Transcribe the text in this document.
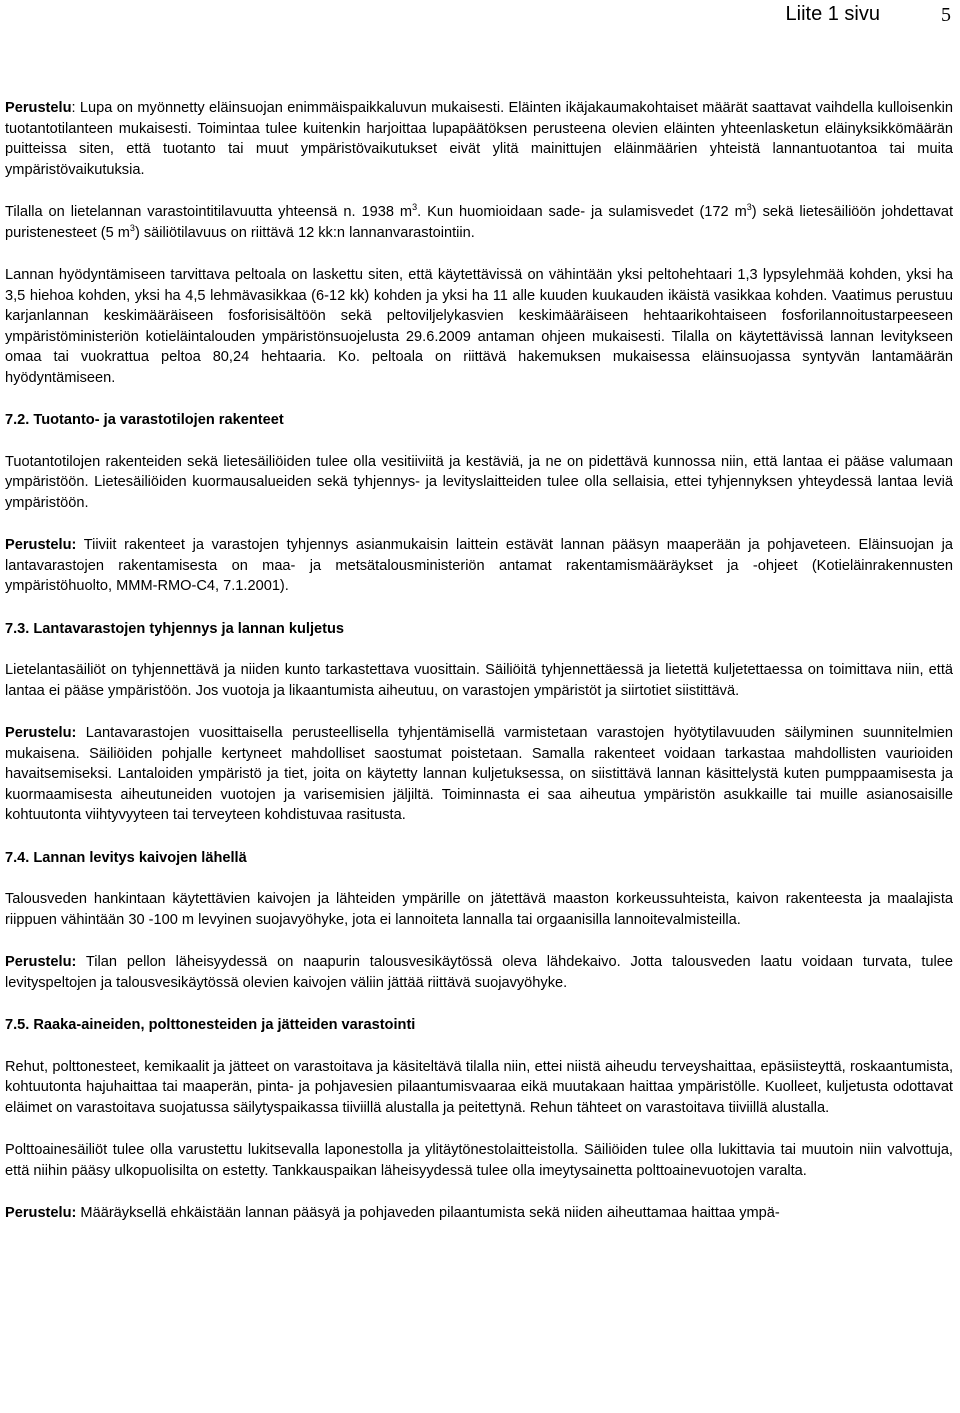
Liite 1 sivu	5

Perustelu: Lupa on myönnetty eläinsuojan enimmäispaikkaluvun mukaisesti. Eläinten ikäjakaumakohtaiset määrät saattavat vaihdella kulloisenkin tuotantotilanteen mukaisesti. Toimintaa tulee kuitenkin harjoittaa lupapäätöksen perusteena olevien eläinten yhteenlasketun eläinyksikkömäärän puitteissa siten, että tuotanto tai muut ympäristövaikutukset eivät ylitä mainittujen eläinmäärien yhteistä lannantuotantoa tai muita ympäristövaikutuksia.

Tilalla on lietelannan varastointitilavuutta yhteensä n. 1938 $m^3$. Kun huomioidaan sade- ja sulamisvedet (172 $m^3$) sekä lietesäiliöön johdettavat puristenesteet (5 $m^3$) säiliötilavuus on riittävä 12 kk:n lannanvarastointiin.

Lannan hyödyntämiseen tarvittava peltoala on laskettu siten, että käytettävissä on vähintään yksi peltohehtaari 1,3 lypsylehmää kohden, yksi ha 3,5 hiehoa kohden, yksi ha 4,5 lehmävasikkaa (6-12 kk) kohden ja yksi ha 11 alle kuuden kuukauden ikäistä vasikkaa kohden. Vaatimus perustuu karjanlannan keskimääräiseen fosforisisältöön sekä peltoviljelykasvien keskimääräiseen hehtaarikohtaiseen fosforilannoitustarpeeseen ympäristöministeriön kotieläintalouden ympäristönsuojelusta 29.6.2009 antaman ohjeen mukaisesti. Tilalla on käytettävissä lannan levitykseen omaa tai vuokrattua peltoa 80,24 hehtaaria. Ko. peltoala on riittävä hakemuksen mukaisessa eläinsuojassa syntyvän lantamäärän hyödyntämiseen.

7.2. Tuotanto- ja varastotilojen rakenteet

Tuotantotilojen rakenteiden sekä lietesäiliöiden tulee olla vesitiiviitä ja kestäviä, ja ne on pidettävä kunnossa niin, että lantaa ei pääse valumaan ympäristöön. Lietesäiliöiden kuormausalueiden sekä tyhjennys- ja levityslaitteiden tulee olla sellaisia, ettei tyhjennyksen yhteydessä lantaa leviä ympäristöön.

Perustelu: Tiiviit rakenteet ja varastojen tyhjennys asianmukaisin laittein estävät lannan pääsyn maaperään ja pohjaveteen. Eläinsuojan ja lantavarastojen rakentamisesta on maa- ja metsätalousministeriön antamat rakentamismääräykset ja -ohjeet (Kotieläinrakennusten ympäristöhuolto, MMM-RMO-C4, 7.1.2001).

7.3. Lantavarastojen tyhjennys ja lannan kuljetus

Lietelantasäiliöt on tyhjennettävä ja niiden kunto tarkastettava vuosittain. Säiliöitä tyhjennettäessä ja lietettä kuljetettaessa on toimittava niin, että lantaa ei pääse ympäristöön. Jos vuotoja ja likaantumista aiheutuu, on varastojen ympäristöt ja siirtotiet siistittävä.

Perustelu: Lantavarastojen vuosittaisella perusteellisella tyhjentämisellä varmistetaan varastojen hyötytilavuuden säilyminen suunnitelmien mukaisena. Säiliöiden pohjalle kertyneet mahdolliset saostumat poistetaan. Samalla rakenteet voidaan tarkastaa mahdollisten vaurioiden havaitsemiseksi. Lantaloiden ympäristö ja tiet, joita on käytetty lannan kuljetuksessa, on siistittävä lannan käsittelystä kuten pumppaamisesta ja kuormaamisesta aiheutuneiden vuotojen ja varisemisien jäljiltä. Toiminnasta ei saa aiheutua ympäristön asukkaille tai muille asianosaisille kohtuutonta viihtyvyyteen tai terveyteen kohdistuvaa rasitusta.

7.4. Lannan levitys kaivojen lähellä

Talousveden hankintaan käytettävien kaivojen ja lähteiden ympärille on jätettävä maaston korkeussuhteista, kaivon rakenteesta ja maalajista riippuen vähintään 30 -100 m levyinen suojavyöhyke, jota ei lannoiteta lannalla tai orgaanisilla lannoitevalmisteilla.

Perustelu: Tilan pellon läheisyydessä on naapurin talousvesikäytössä oleva lähdekaivo. Jotta talousveden laatu voidaan turvata, tulee levityspeltojen ja talousvesikäytössä olevien kaivojen väliin jättää riittävä suojavyöhyke.

7.5. Raaka-aineiden, polttonesteiden ja jätteiden varastointi

Rehut, polttonesteet, kemikaalit ja jätteet on varastoitava ja käsiteltävä tilalla niin, ettei niistä aiheudu terveyshaittaa, epäsiisteyttä, roskaantumista, kohtuutonta hajuhaittaa tai maaperän, pinta- ja pohjavesien pilaantumisvaaraa eikä muutakaan haittaa ympäristölle. Kuolleet, kuljetusta odottavat eläimet on varastoitava suojatussa säilytyspaikassa tiiviillä alustalla ja peitettynä. Rehun tähteet on varastoitava tiiviillä alustalla.

Polttoainesäiliöt tulee olla varustettu lukitsevalla laponestolla ja ylitäytönestolaitteistolla. Säiliöiden tulee olla lukittavia tai muutoin niin valvottuja, että niihin pääsy ulkopuolisilta on estetty. Tankkauspaikan läheisyydessä tulee olla imeytysainetta polttoainevuotojen varalta.

Perustelu: Määräyksellä ehkäistään lannan pääsyä ja pohjaveden pilaantumista sekä niiden aiheuttamaa haittaa ympä-
